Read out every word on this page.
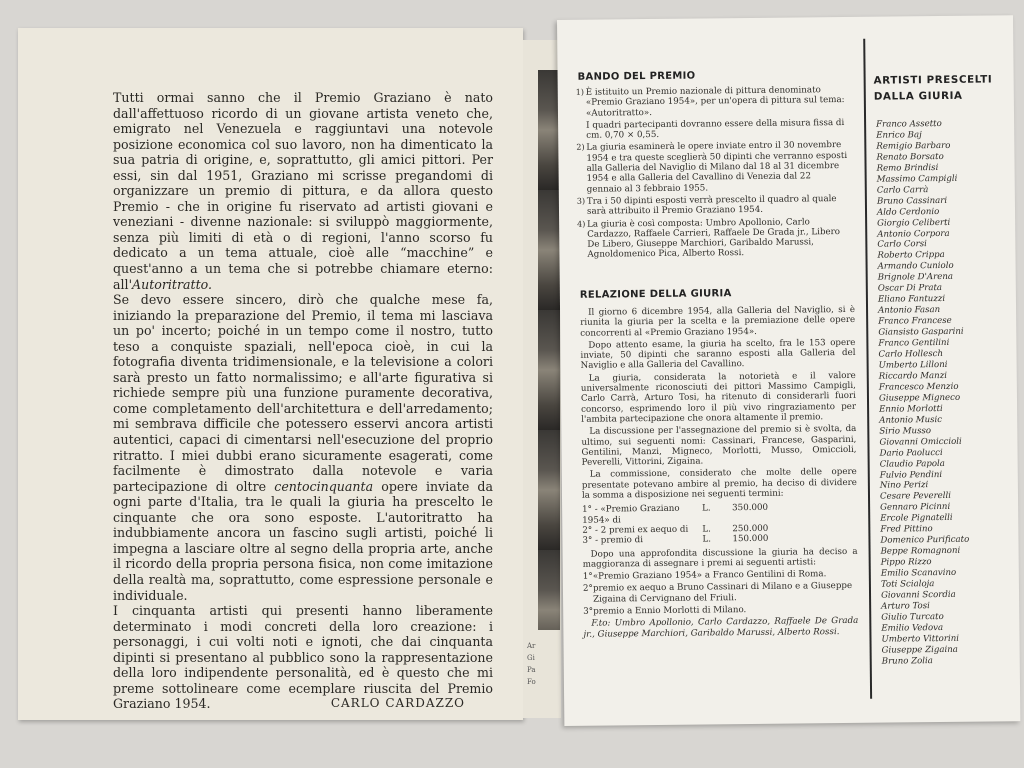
Tutti ormai sanno che il Premio Graziano è nato dall'affettuoso ricordo di un giovane artista veneto che, emigrato nel Venezuela e raggiuntavi una notevole posizione economica col suo lavoro, non ha dimenticato la sua patria di origine, e, soprattutto, gli amici pittori. Per essi, sin dal 1951, Graziano mi scrisse pregandomi di organizzare un premio di pittura, e da allora questo Premio - che in origine fu riservato ad artisti giovani e veneziani - divenne nazionale: si sviluppò maggiormente, senza più limiti di età o di regioni, l'anno scorso fu dedicato a un tema attuale, cioè alle “macchine” e quest'anno a un tema che si potrebbe chiamare eterno: all'Autoritratto.

Se devo essere sincero, dirò che qualche mese fa, iniziando la preparazione del Premio, il tema mi lasciava un po' incerto; poiché in un tempo come il nostro, tutto teso a conquiste spaziali, nell'epoca cioè, in cui la fotografia diventa tridimensionale, e la televisione a colori sarà presto un fatto normalissimo; e all'arte figurativa si richiede sempre più una funzione puramente decorativa, come completamento dell'architettura e dell'arredamento; mi sembrava difficile che potessero esservi ancora artisti autentici, capaci di cimentarsi nell'esecuzione del proprio ritratto. I miei dubbi erano sicuramente esagerati, come facilmente è dimostrato dalla notevole e varia partecipazione di oltre centocinquanta opere inviate da ogni parte d'Italia, tra le quali la giuria ha prescelto le cinquante che ora sono esposte. L'autoritratto ha indubbiamente ancora un fascino sugli artisti, poiché li impegna a lasciare oltre al segno della propria arte, anche il ricordo della propria persona fisica, non come imitazione della realtà ma, soprattutto, come espressione personale e individuale.

I cinquanta artisti qui presenti hanno liberamente determinato i modi concreti della loro creazione: i personaggi, i cui volti noti e ignoti, che dai cinquanta dipinti si presentano al pubblico sono la rappresentazione della loro indipendente personalità, ed è questo che mi preme sottolineare come ecemplare riuscita del Premio Graziano 1954.	CARLO CARDAZZO
Ar
Gi
Pa
Fo
BANDO DEL PREMIO
1) È istituito un Premio nazionale di pittura denominato «Premio Graziano 1954», per un'opera di pittura sul tema: «Autoritratto».
I quadri partecipanti dovranno essere della misura fissa di cm. 0,70 × 0,55.
2) La giuria esaminerà le opere inviate entro il 30 novembre 1954 e tra queste sceglierà 50 dipinti che verranno esposti alla Galleria del Naviglio di Milano dal 18 al 31 dicembre 1954 e alla Galleria del Cavallino di Venezia dal 22 gennaio al 3 febbraio 1955.
3) Tra i 50 dipinti esposti verrà prescelto il quadro al quale sarà attribuito il Premio Graziano 1954.
4) La giuria è così composta: Umbro Apollonio, Carlo Cardazzo, Raffaele Carrieri, Raffaele De Grada jr., Libero De Libero, Giuseppe Marchiori, Garibaldo Marussi, Agnoldomenico Pica, Alberto Rossi.
RELAZIONE DELLA GIURIA

Il giorno 6 dicembre 1954, alla Galleria del Naviglio, si è riunita la giuria per la scelta e la premiazione delle opere concorrenti al «Premio Graziano 1954».

Dopo attento esame, la giuria ha scelto, fra le 153 opere inviate, 50 dipinti che saranno esposti alla Galleria del Naviglio e alla Galleria del Cavallino.

La giuria, considerata la notorietà e il valore universalmente riconosciuti dei pittori Massimo Campigli, Carlo Carrà, Arturo Tosi, ha ritenuto di considerarli fuori concorso, esprimendo loro il più vivo ringraziamento per l'ambita partecipazione che onora altamente il premio.

La discussione per l'assegnazione del premio si è svolta, da ultimo, sui seguenti nomi: Cassinari, Francese, Gasparini, Gentilini, Manzi, Migneco, Morlotti, Musso, Omiccioli, Peverelli, Vittorini, Zigaina.

La commissione, considerato che molte delle opere presentate potevano ambire al premio, ha deciso di dividere la somma a disposizione nei seguenti termini:

1° - «Premio Graziano 1954» di
L.	350.000
2° - 2 premi ex aequo di	L.	250.000
3° - premio di	L.	150.000

Dopo una approfondita discussione la giuria ha deciso a maggioranza di assegnare i premi ai seguenti artisti:

1° «Premio Graziano 1954» a Franco Gentilini di Roma.
2° premio ex aequo a Bruno Cassinari di Milano e a Giuseppe Zigaina di Cervignano del Friuli.
3° premio a Ennio Morlotti di Milano.

F.to: Umbro Apollonio, Carlo Cardazzo, Raffaele De Grada jr., Giuseppe Marchiori, Garibaldo Marussi, Alberto Rossi.

ARTISTI PRESCELTI
DALLA GIURIA
Franco Assetto
Enrico Baj
Remigio Barbaro
Renato Borsato
Remo Brindisi
Massimo Campigli
Carlo Carrà
Bruno Cassinari
Aldo Cerdonio
Giorgio Celiberti
Antonio Corpora
Carlo Corsi
Roberto Crippa
Armando Cuniolo
Brignole D'Arena
Oscar Di Prata
Eliano Fantuzzi
Antonio Fasan
Franco Francese
Giansisto Gasparini
Franco Gentilini
Carlo Hollesch
Umberto Lilloni
Riccardo Manzi
Francesco Menzio
Giuseppe Migneco
Ennio Morlotti
Antonio Music
Sirio Musso
Giovanni Omiccioli
Dario Paolucci
Claudio Papola
Fulvio Pendini
Nino Perizi
Cesare Peverelli
Gennaro Picinni
Ercole Pignatelli
Fred Pittino
Domenico Purificato
Beppe Romagnoni
Pippo Rizzo
Emilio Scanavino
Toti Scialoja
Giovanni Scordia
Arturo Tosi
Giulio Turcato
Emilio Vedova
Umberto Vittorini
Giuseppe Zigaina
Bruno Zolia
